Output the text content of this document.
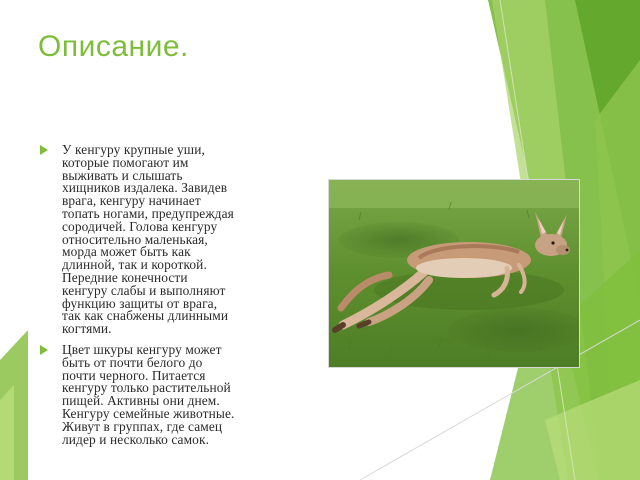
Описание.
У кенгуру крупные уши,
которые помогают им
выживать и слышать
хищников издалека. Завидев
врага, кенгуру начинает
топать ногами, предупреждая
сородичей. Голова кенгуру
относительно маленькая,
морда может быть как
длинной, так и короткой.
Передние конечности
кенгуру слабы и выполняют
функцию защиты от врага,
так как снабжены длинными
когтями.
Цвет шкуры кенгуру может
быть от почти белого до
почти черного. Питается
кенгуру только растительной
пищей. Активны они днем.
Кенгуру семейные животные.
Живут в группах, где самец
лидер и несколько самок.
